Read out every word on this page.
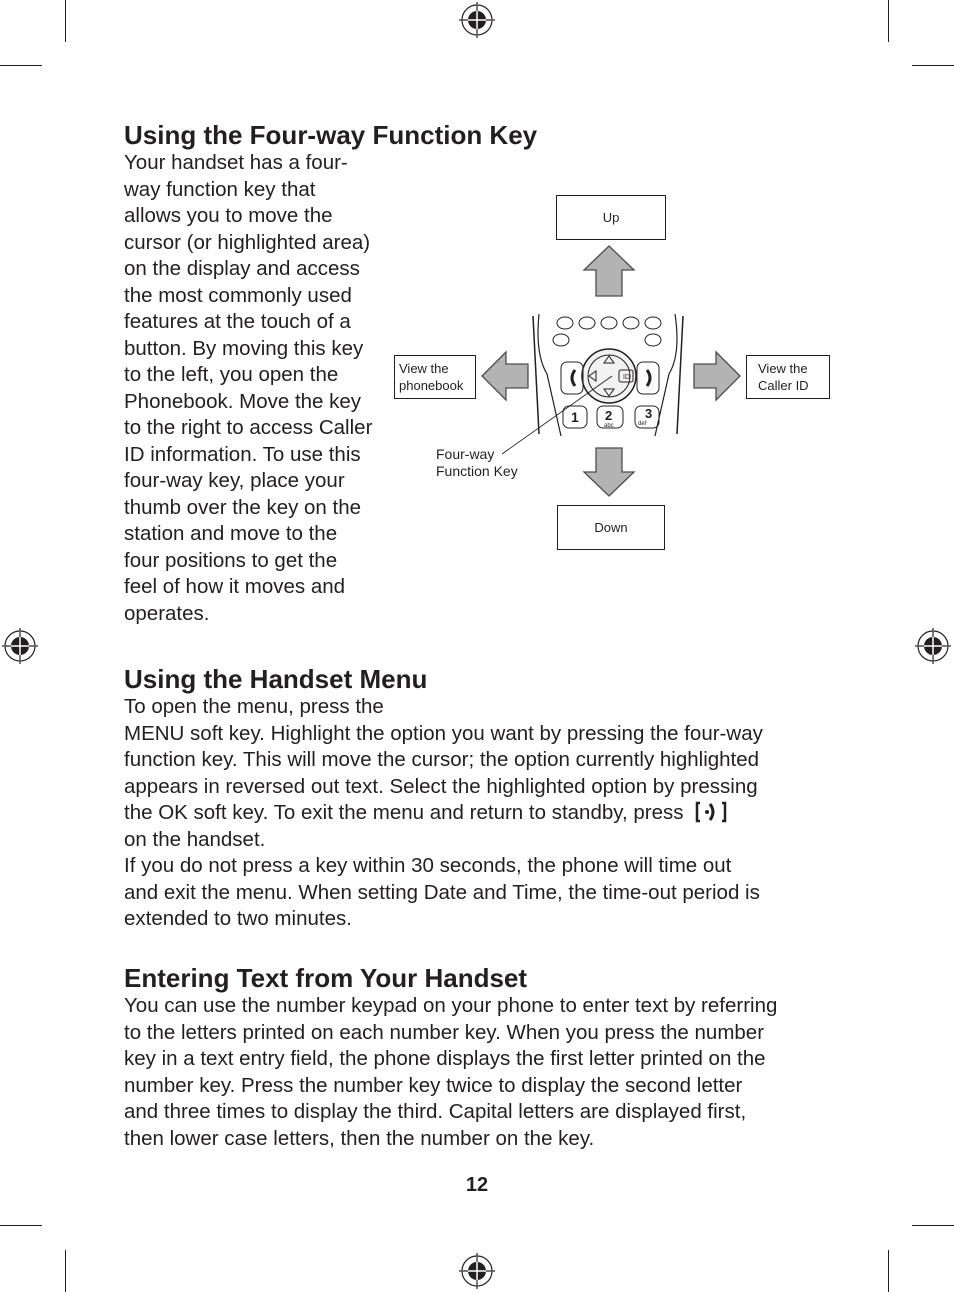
Using the Four-way Function Key
Your handset has a four-
way function key that
allows you to move the
cursor (or highlighted area)
on the display and access
the most commonly used
features at the touch of a
button. By moving this key
to the left, you open the
Phonebook. Move the key
to the right to access Caller
ID information. To use this
four-way key, place your
thumb over the key on the
station and move to the
four positions to get the
feel of how it moves and
operates.
Up
Down
View the
phonebook
View the
Caller ID
Four-way
Function Key
ID
1 2
abc
3
def
Using the Handset Menu
To open the menu, press the
MENU soft key. Highlight the option you want by pressing the four-way
function key. This will move the cursor; the option currently highlighted
appears in reversed out text. Select the highlighted option by pressing
the OK soft key. To exit the menu and return to standby, press
on the handset.
If you do not press a key within 30 seconds, the phone will time out
and exit the menu. When setting Date and Time, the time-out period is
extended to two minutes.
Entering Text from Your Handset
You can use the number keypad on your phone to enter text by referring
to the letters printed on each number key. When you press the number
key in a text entry field, the phone displays the first letter printed on the
number key. Press the number key twice to display the second letter
and three times to display the third. Capital letters are displayed first,
then lower case letters, then the number on the key.
12
